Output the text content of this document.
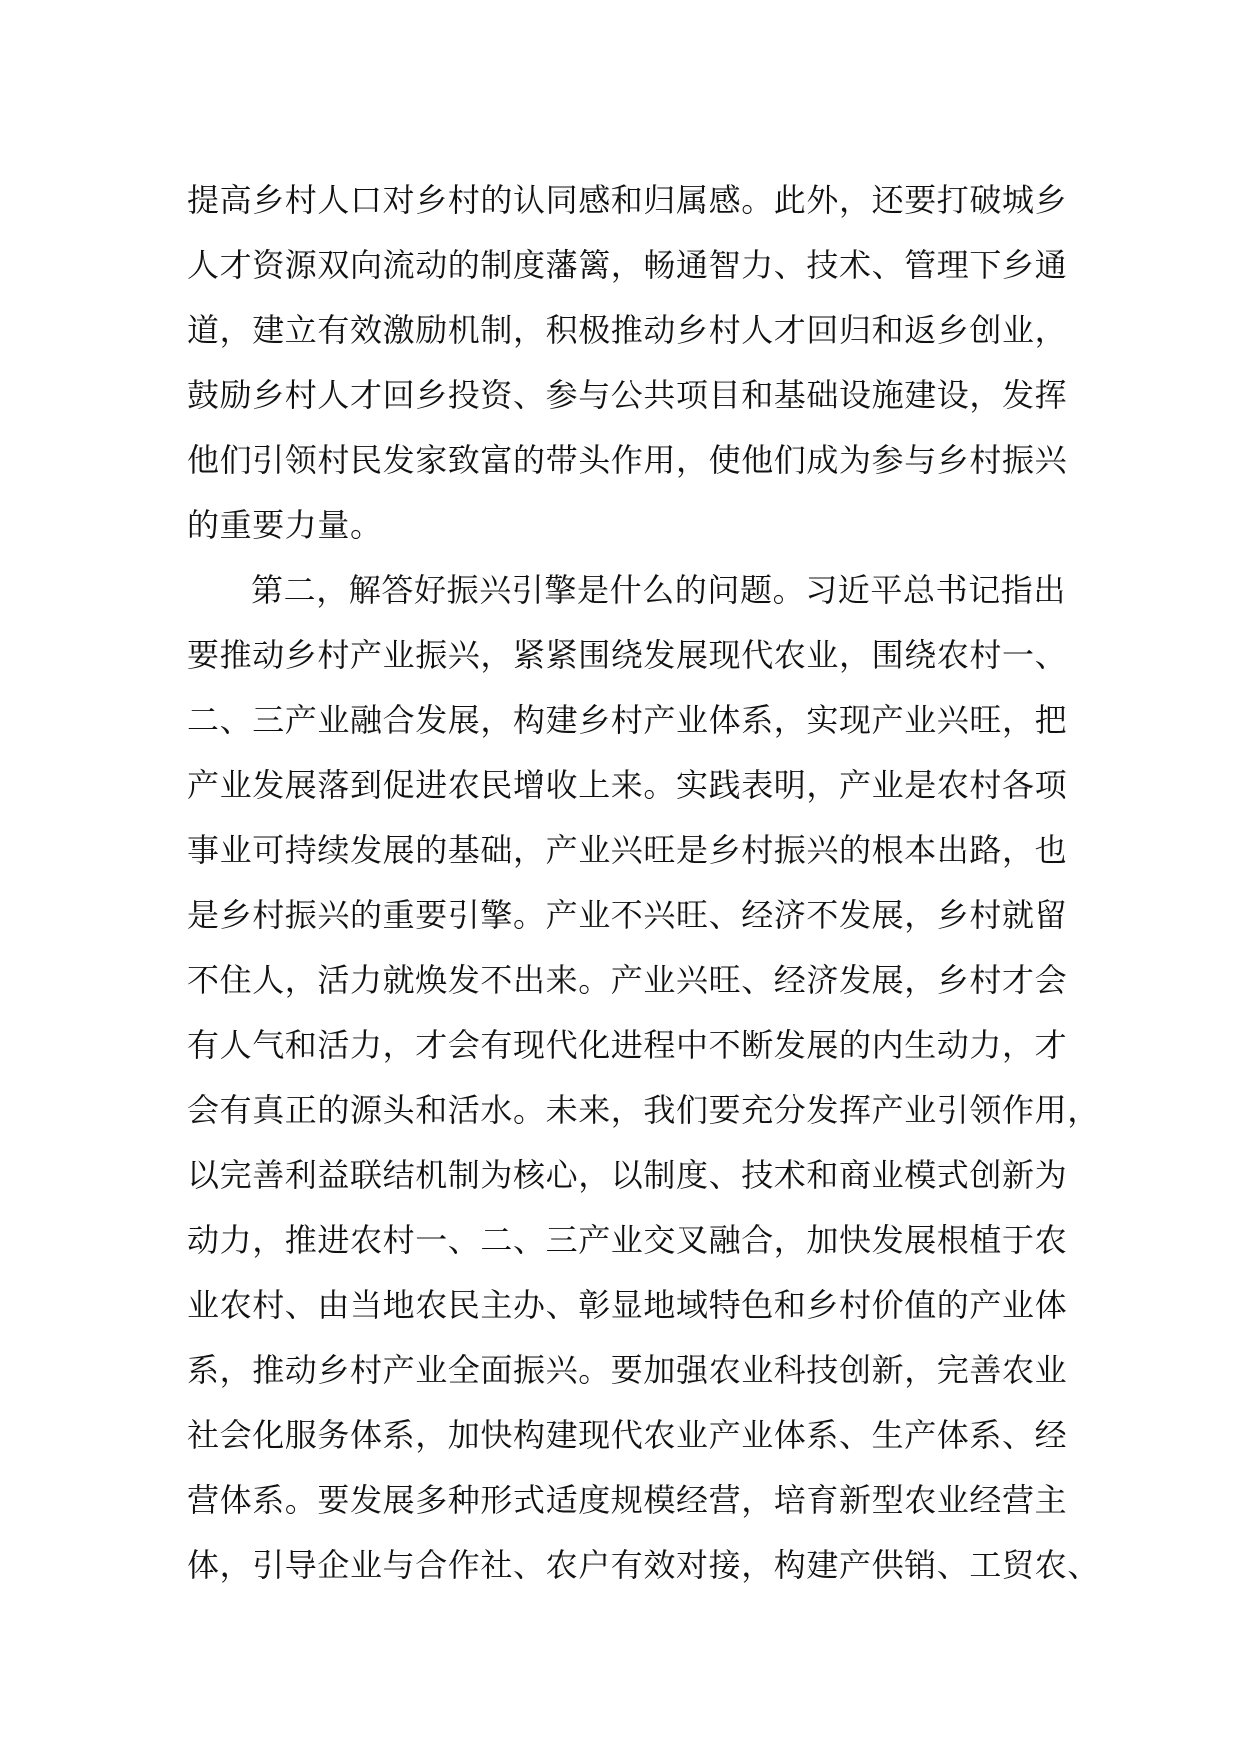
提高乡村人口对乡村的认同感和归属感。此外，还要打破城乡
人才资源双向流动的制度藩篱，畅通智力、技术、管理下乡通
道，建立有效激励机制，积极推动乡村人才回归和返乡创业，
鼓励乡村人才回乡投资、参与公共项目和基础设施建设，发挥
他们引领村民发家致富的带头作用，使他们成为参与乡村振兴
的重要力量。
第二，解答好振兴引擎是什么的问题。习近平总书记指出
要推动乡村产业振兴，紧紧围绕发展现代农业，围绕农村一、
二、三产业融合发展，构建乡村产业体系，实现产业兴旺，把
产业发展落到促进农民增收上来。实践表明，产业是农村各项
事业可持续发展的基础，产业兴旺是乡村振兴的根本出路，也
是乡村振兴的重要引擎。产业不兴旺、经济不发展，乡村就留
不住人，活力就焕发不出来。产业兴旺、经济发展，乡村才会
有人气和活力，才会有现代化进程中不断发展的内生动力，才
会有真正的源头和活水。未来，我们要充分发挥产业引领作用，
以完善利益联结机制为核心，以制度、技术和商业模式创新为
动力，推进农村一、二、三产业交叉融合，加快发展根植于农
业农村、由当地农民主办、彰显地域特色和乡村价值的产业体
系，推动乡村产业全面振兴。要加强农业科技创新，完善农业
社会化服务体系，加快构建现代农业产业体系、生产体系、经
营体系。要发展多种形式适度规模经营，培育新型农业经营主
体，引导企业与合作社、农户有效对接，构建产供销、工贸农、
